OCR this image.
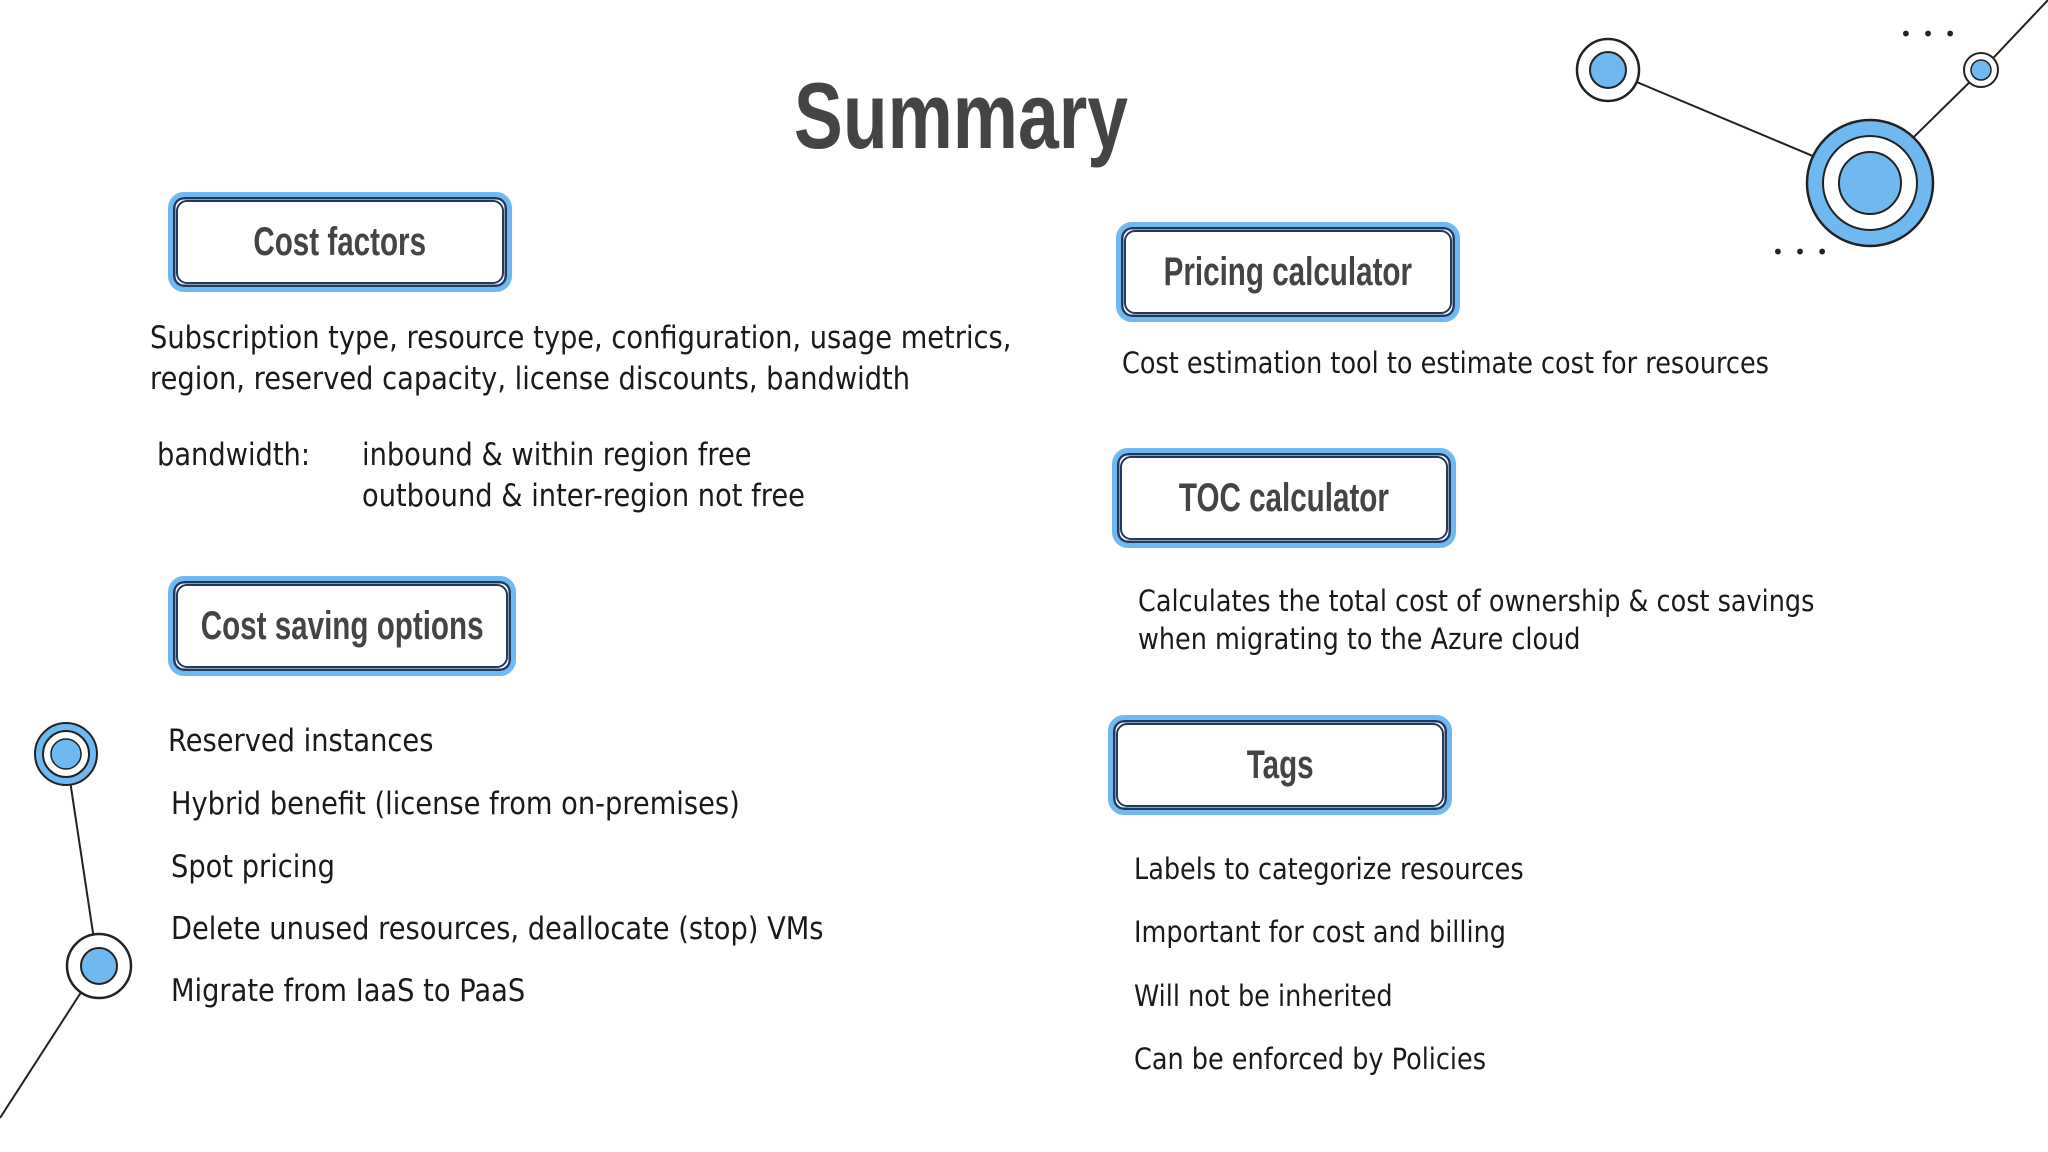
• • •
• • •
Summary
Cost factors
Subscription type, resource type, configuration, usage metrics,
region, reserved capacity, license discounts, bandwidth
bandwidth: inbound & within region free
outbound & inter-region not free
Cost saving options
Reserved instances
Hybrid benefit (license from on-premises)
Spot pricing
Delete unused resources, deallocate (stop) VMs
Migrate from IaaS to PaaS
Pricing calculator
Cost estimation tool to estimate cost for resources
TOC calculator
Calculates the total cost of ownership & cost savings
when migrating to the Azure cloud
Tags
Labels to categorize resources
Important for cost and billing
Will not be inherited
Can be enforced by Policies
